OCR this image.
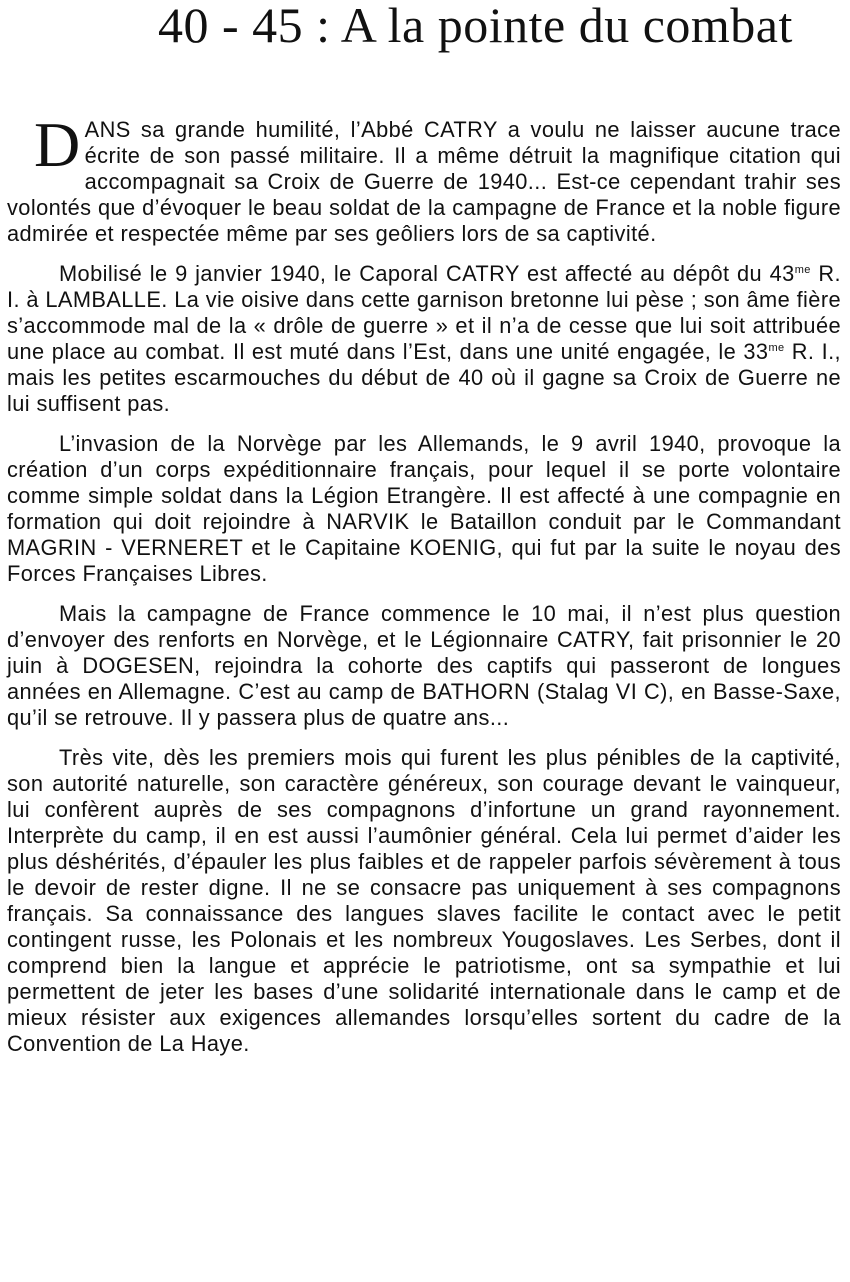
40 - 45 : A la pointe du combat

DANS sa grande humilité, l’Abbé CATRY a voulu ne laisser aucune trace écrite de son passé militaire. Il a même détruit la magnifique citation qui accompagnait sa Croix de Guerre de 1940... Est-ce cependant trahir ses volontés que d’évoquer le beau soldat de la campagne de France et la noble figure admirée et respectée même par ses geôliers lors de sa captivité.

Mobilisé le 9 janvier 1940, le Caporal CATRY est affecté au dépôt du $43^{me}$ R. I. à LAMBALLE. La vie oisive dans cette garnison bretonne lui pèse ; son âme fière s’accommode mal de la « drôle de guerre » et il n’a de cesse que lui soit attribuée une place au combat. Il est muté dans l’Est, dans une unité engagée, le $33^{me}$ R. I., mais les petites escarmouches du début de 40 où il gagne sa Croix de Guerre ne lui suffisent pas.

L’invasion de la Norvège par les Allemands, le 9 avril 1940, provoque la création d’un corps expéditionnaire français, pour lequel il se porte volontaire comme simple soldat dans la Légion Etrangère. Il est affecté à une compagnie en formation qui doit rejoindre à NARVIK le Bataillon conduit par le Commandant MAGRIN - VERNERET et le Capitaine KOENIG, qui fut par la suite le noyau des Forces Françaises Libres.

Mais la campagne de France commence le 10 mai, il n’est plus question d’envoyer des renforts en Norvège, et le Légionnaire CATRY, fait prisonnier le 20 juin à DOGESEN, rejoindra la cohorte des captifs qui passeront de longues années en Allemagne. C’est au camp de BATHORN (Stalag VI C), en Basse-Saxe, qu’il se retrouve. Il y passera plus de quatre ans...

Très vite, dès les premiers mois qui furent les plus pénibles de la captivité, son autorité naturelle, son caractère généreux, son courage devant le vainqueur, lui confèrent auprès de ses compagnons d’infortune un grand rayonnement. Interprète du camp, il en est aussi l’aumônier général. Cela lui permet d’aider les plus déshérités, d’épauler les plus faibles et de rappeler parfois sévèrement à tous le devoir de rester digne. Il ne se consacre pas uniquement à ses compagnons français. Sa connaissance des langues slaves facilite le contact avec le petit contingent russe, les Polonais et les nombreux Yougoslaves. Les Serbes, dont il comprend bien la langue et apprécie le patriotisme, ont sa sympathie et lui permettent de jeter les bases d’une solidarité internationale dans le camp et de mieux résister aux exigences allemandes lorsqu’elles sortent du cadre de la Convention de La Haye.
